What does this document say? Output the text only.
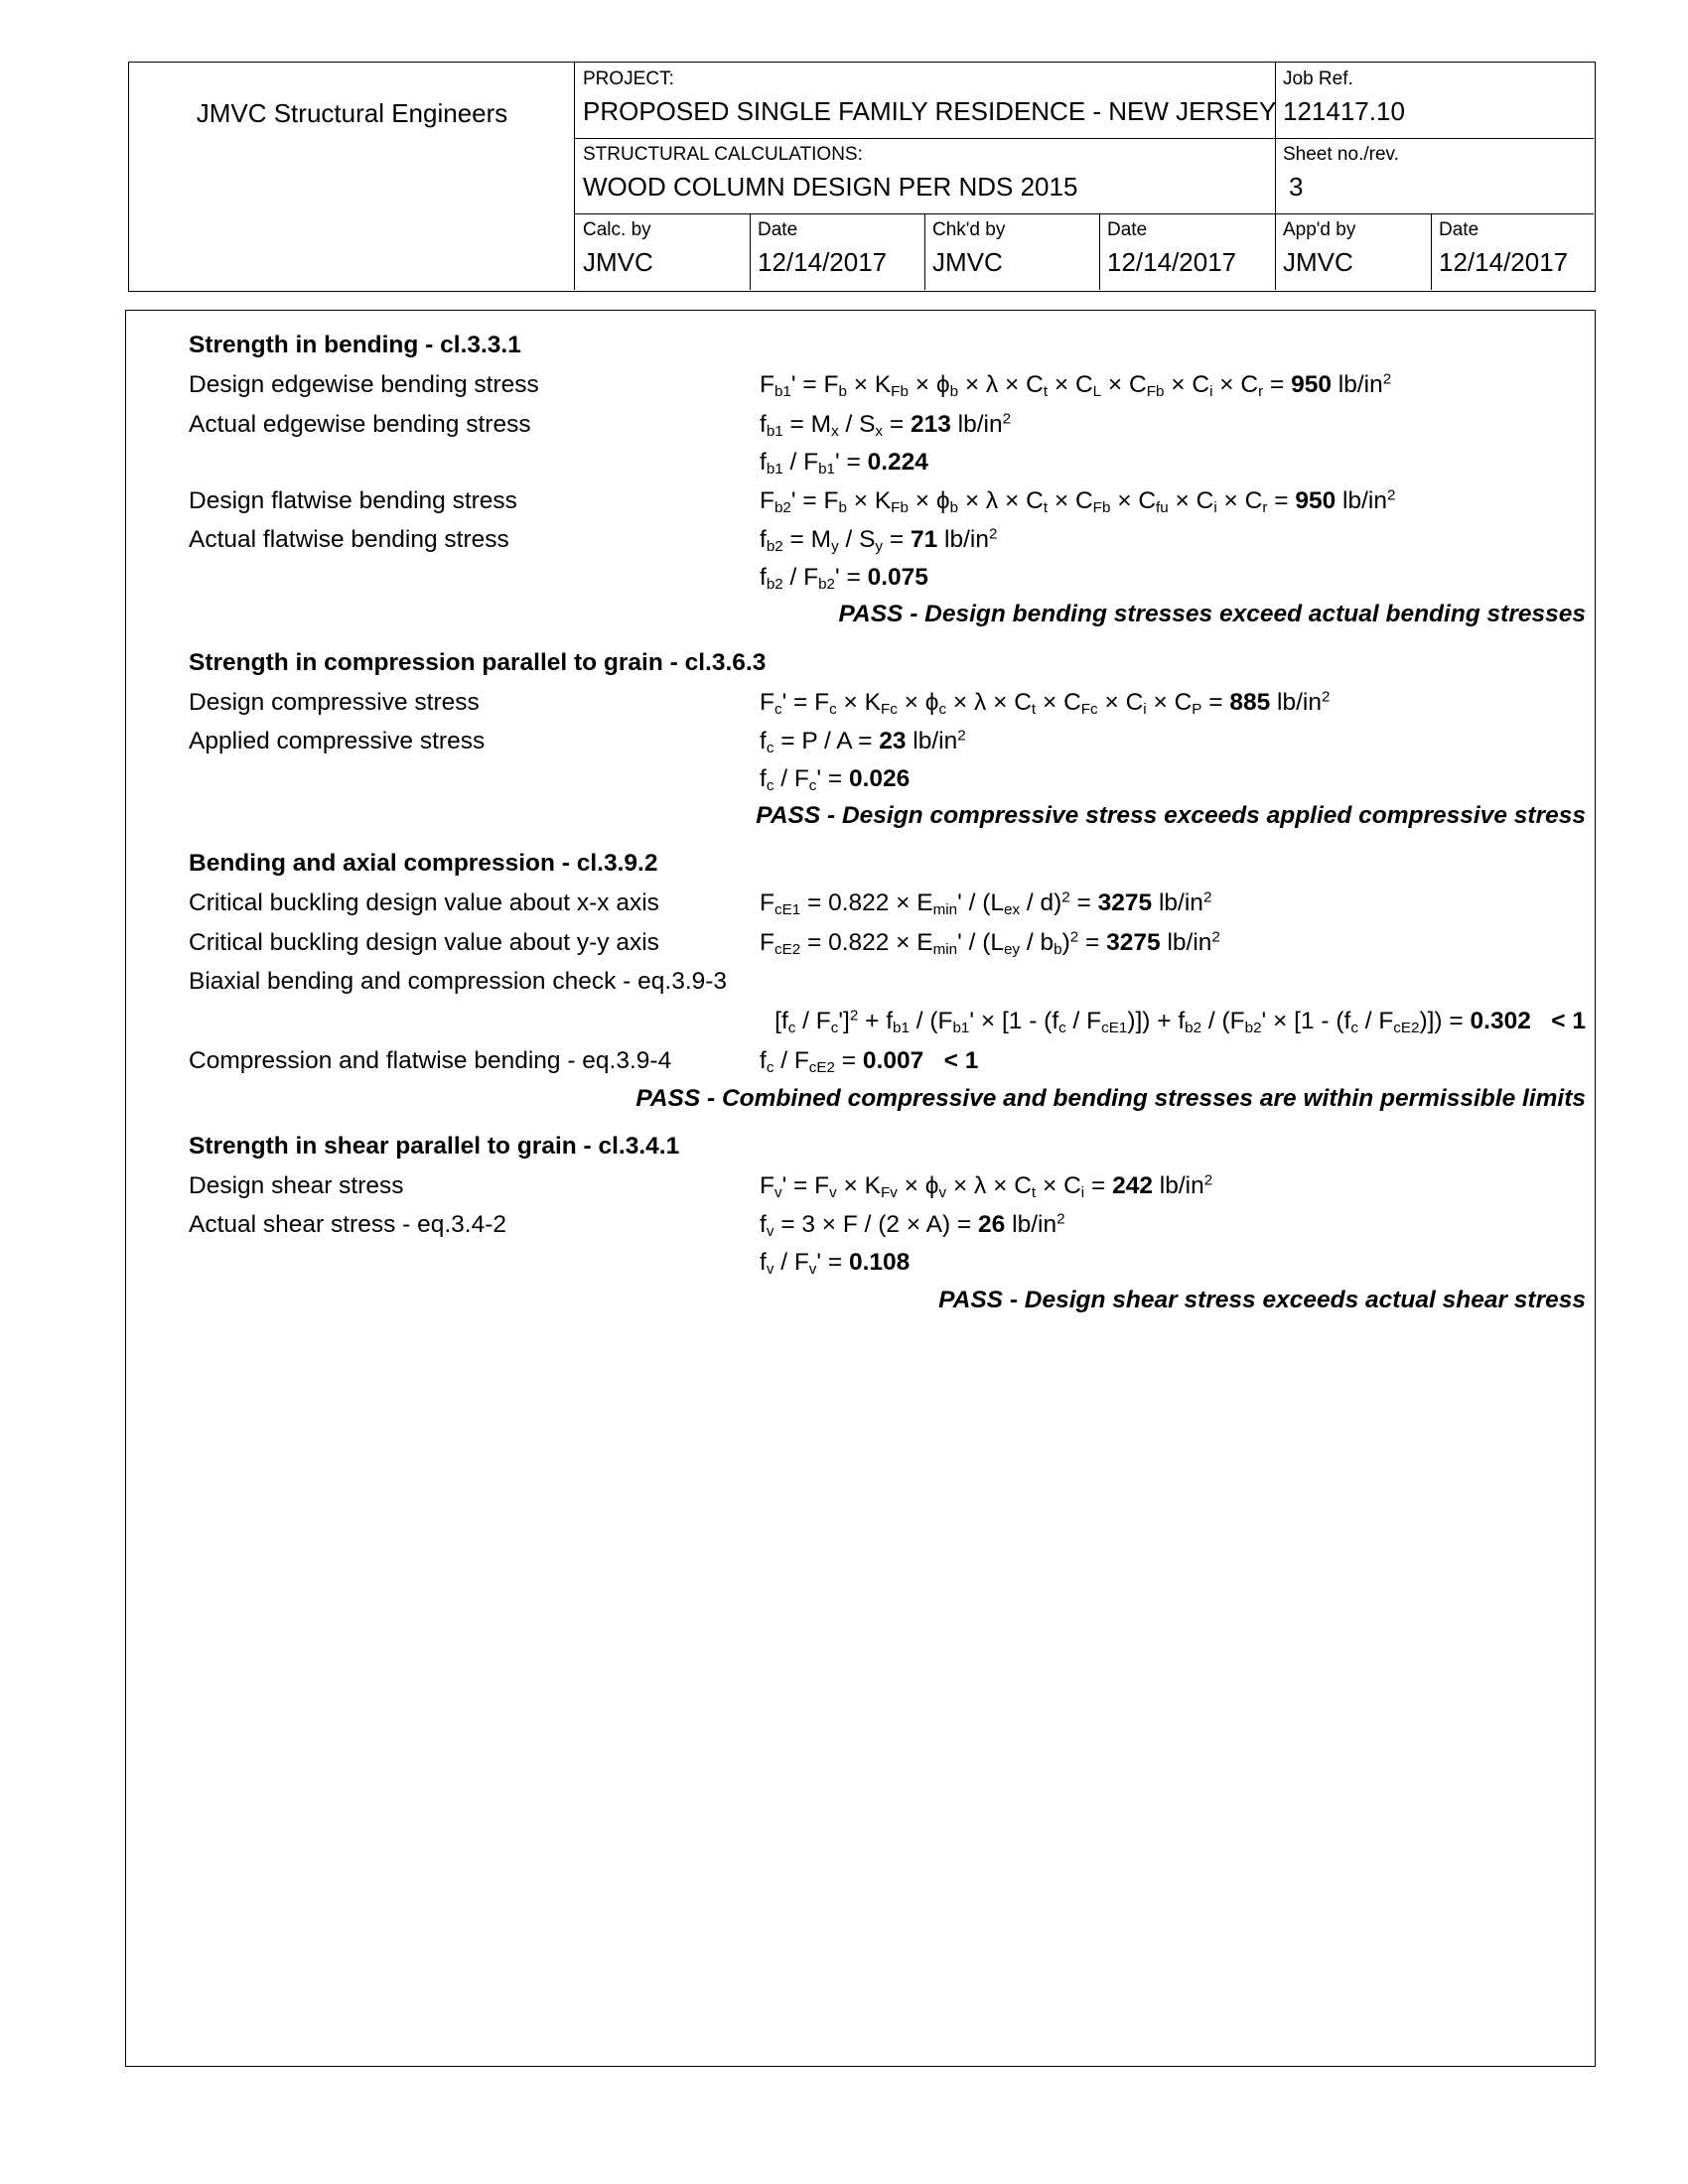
JMVC Structural Engineers
PROJECT:
PROPOSED SINGLE FAMILY RESIDENCE - NEW JERSEY
Job Ref.
121417.10
STRUCTURAL CALCULATIONS:
WOOD COLUMN DESIGN PER NDS 2015
Sheet no./rev.
3
Calc. by
JMVC
Date
12/14/2017
Chk'd by
JMVC
Date
12/14/2017
App'd by
JMVC
Date
12/14/2017
Strength in bending - cl.3.3.1
Design edgewise bending stress	$F_{b1}' = F_b \times K_{Fb} \times \phi_b \times \lambda \times C_t \times C_L \times C_{Fb} \times C_i \times C_r = 950$ $lb/in^2$
Actual edgewise bending stress	$f_{b1} = M_x / S_x = 213$ $lb/in^2$
$f_{b1} / F_{b1}' = 0.224$
Design flatwise bending stress	$F_{b2}' = F_b \times K_{Fb} \times \phi_b \times \lambda \times C_t \times C_{Fb} \times C_{fu} \times C_i \times C_r = 950$ $lb/in^2$
Actual flatwise bending stress	$f_{b2} = M_y / S_y = 71$ $lb/in^2$
$f_{b2} / F_{b2}' = 0.075$
PASS - Design bending stresses exceed actual bending stresses
Strength in compression parallel to grain - cl.3.6.3
Design compressive stress	$F_c' = F_c \times K_{Fc} \times \phi_c \times \lambda \times C_t \times C_{Fc} \times C_i \times C_P = 885$ $lb/in^2$
Applied compressive stress	$f_c = P / A = 23$ $lb/in^2$
$f_c / F_c' = 0.026$
PASS - Design compressive stress exceeds applied compressive stress
Bending and axial compression - cl.3.9.2
Critical buckling design value about x-x axis	$F_{cE1} = 0.822 \times E_{min}' / (L_{ex} / d)^2 = 3275$ $lb/in^2$
Critical buckling design value about y-y axis	$F_{cE2} = 0.822 \times E_{min}' / (L_{ey} / b_b)^2 = 3275$ $lb/in^2$
Biaxial bending and compression check - eq.3.9-3
$[f_c / F_c']^2 + f_{b1} / (F_{b1}' \times [1 - (f_c / F_{cE1})]) + f_{b2} / (F_{b2}' \times [1 - (f_c / F_{cE2})]) = 0.302 < 1$
Compression and flatwise bending - eq.3.9-4	$f_c / F_{cE2} = 0.007 < 1$
PASS - Combined compressive and bending stresses are within permissible limits
Strength in shear parallel to grain - cl.3.4.1
Design shear stress	$F_v' = F_v \times K_{Fv} \times \phi_v \times \lambda \times C_t \times C_i = 242$ $lb/in^2$
Actual shear stress - eq.3.4-2	$f_v = 3 \times F / (2 \times A) = 26$ $lb/in^2$
$f_v / F_v' = 0.108$
PASS - Design shear stress exceeds actual shear stress
